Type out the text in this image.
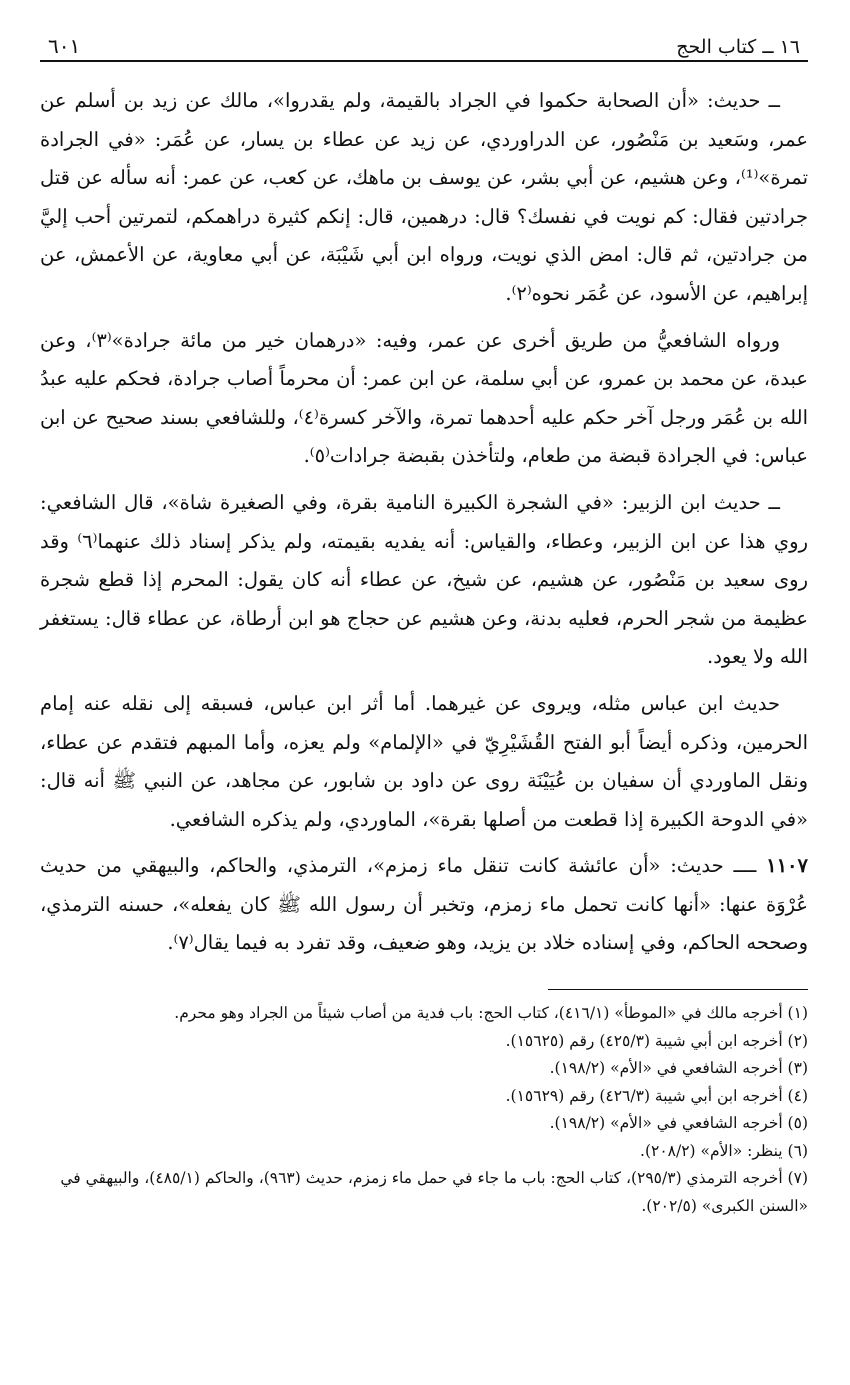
١٦ ــ كتاب الحج
٦٠١

ــ حديث: «أن الصحابة حكموا في الجراد بالقيمة، ولم يقدروا»، مالك عن زيد بن أسلم عن عمر، وسَعيد بن مَنْصُور، عن الدراوردي، عن زيد عن عطاء بن يسار، عن عُمَر: «في الجرادة تمرة»⁽¹⁾، وعن هشيم، عن أبي بشر، عن يوسف بن ماهك، عن كعب، عن عمر: أنه سأله عن قتل جرادتين فقال: كم نويت في نفسك؟ قال: درهمين، قال: إنكم كثيرة دراهمكم، لتمرتين أحب إليَّ من جرادتين، ثم قال: امض الذي نويت، ورواه ابن أبي شَيْبَة، عن أبي معاوية، عن الأعمش، عن إبراهيم، عن الأسود، عن عُمَر نحوه⁽٢⁾.

ورواه الشافعيُّ من طريق أخرى عن عمر، وفيه: «درهمان خير من مائة جرادة»⁽٣⁾، وعن عبدة، عن محمد بن عمرو، عن أبي سلمة، عن ابن عمر: أن محرماً أصاب جرادة، فحكم عليه عبدُ الله بن عُمَر ورجل آخر حكم عليه أحدهما تمرة، والآخر كسرة⁽٤⁾، وللشافعي بسند صحيح عن ابن عباس: في الجرادة قبضة من طعام، ولتأخذن بقبضة جرادات⁽٥⁾.

ــ حديث ابن الزبير: «في الشجرة الكبيرة النامية بقرة، وفي الصغيرة شاة»، قال الشافعي: روي هذا عن ابن الزبير، وعطاء، والقياس: أنه يفديه بقيمته، ولم يذكر إسناد ذلك عنهما⁽٦⁾ وقد روى سعيد بن مَنْصُور، عن هشيم، عن شيخ، عن عطاء أنه كان يقول: المحرم إذا قطع شجرة عظيمة من شجر الحرم، فعليه بدنة، وعن هشيم عن حجاج هو ابن أرطاة، عن عطاء قال: يستغفر الله ولا يعود.

حديث ابن عباس مثله، ويروى عن غيرهما. أما أثر ابن عباس، فسبقه إلى نقله عنه إمام الحرمين، وذكره أيضاً أبو الفتح القُشَيْرِيّ في «الإلمام» ولم يعزه، وأما المبهم فتقدم عن عطاء، ونقل الماوردي أن سفيان بن عُيَيْنَة روى عن داود بن شابور، عن مجاهد، عن النبي ﷺ أنه قال: «في الدوحة الكبيرة إذا قطعت من أصلها بقرة»، الماوردي، ولم يذكره الشافعي.

١١٠٧ ــــ حديث: «أن عائشة كانت تنقل ماء زمزم»، الترمذي، والحاكم، والبيهقي من حديث عُرْوَة عنها: «أنها كانت تحمل ماء زمزم، وتخبر أن رسول الله ﷺ كان يفعله»، حسنه الترمذي، وصححه الحاكم، وفي إسناده خلاد بن يزيد، وهو ضعيف، وقد تفرد به فيما يقال⁽٧⁾.

(١) أخرجه مالك في «الموطأ» (٤١٦/١)، كتاب الحج: باب فدية من أصاب شيئاً من الجراد وهو محرم.

(٢) أخرجه ابن أبي شيبة (٤٢٥/٣) رقم (١٥٦٢٥).

(٣) أخرجه الشافعي في «الأم» (١٩٨/٢).

(٤) أخرجه ابن أبي شيبة (٤٢٦/٣) رقم (١٥٦٢٩).

(٥) أخرجه الشافعي في «الأم» (١٩٨/٢).

(٦) ينظر: «الأم» (٢٠٨/٢).

(٧) أخرجه الترمذي (٢٩٥/٣)، كتاب الحج: باب ما جاء في حمل ماء زمزم، حديث (٩٦٣)، والحاكم (٤٨٥/١)، والبيهقي في «السنن الكبرى» (٢٠٢/٥).
